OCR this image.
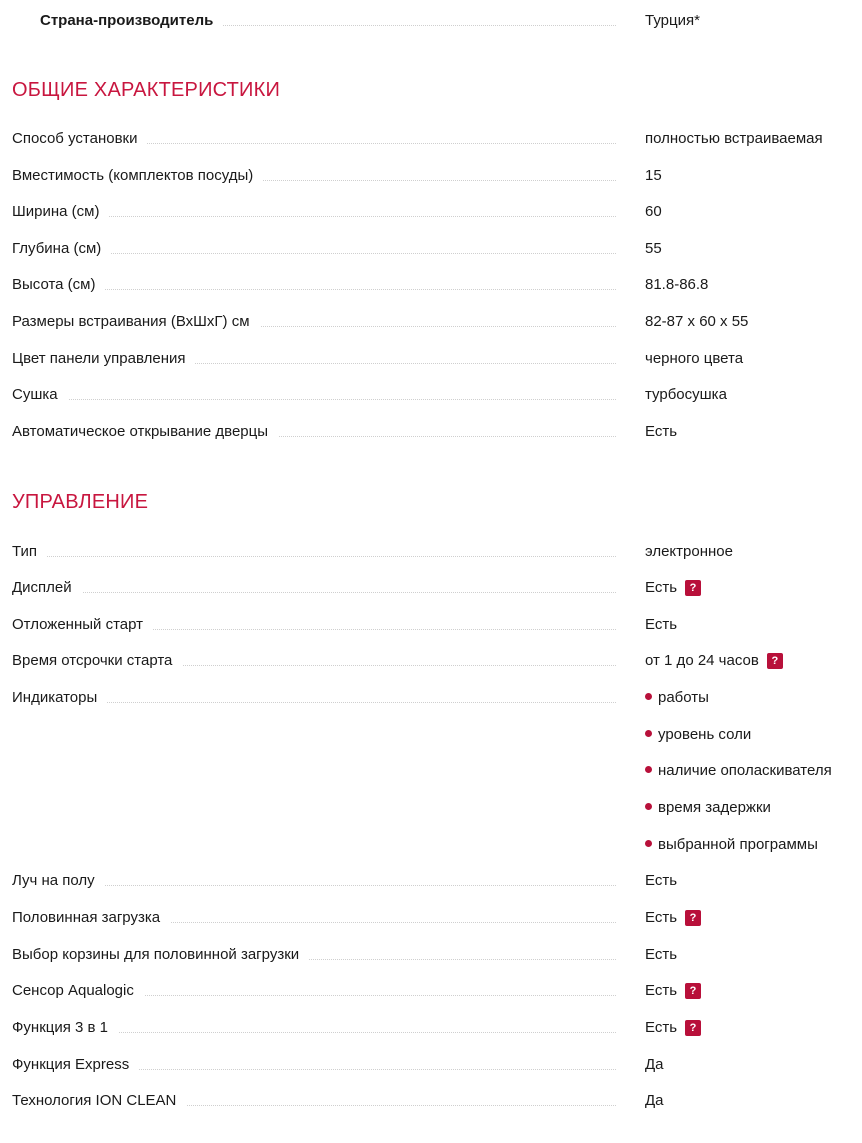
Страна-производитель	Турция*
ОБЩИЕ ХАРАКТЕРИСТИКИ
Способ установки	полностью встраиваемая
Вместимость (комплектов посуды)	15
Ширина (см)	60
Глубина (см)	55
Высота (см)	81.8-86.8
Размеры встраивания (ВхШхГ) см	82-87 х 60 х 55
Цвет панели управления	черного цвета
Сушка	турбосушка
Автоматическое открывание дверцы	Есть
УПРАВЛЕНИЕ
Тип	электронное
Дисплей	Есть ?
Отложенный старт	Есть
Время отсрочки старта	от 1 до 24 часов ?
Индикаторы	работы
уровень соли
наличие ополаскивателя
время задержки
выбранной программы
Луч на полу	Есть
Половинная загрузка	Есть ?
Выбор корзины для половинной загрузки	Есть
Сенсор Aqualogic	Есть ?
Функция 3 в 1	Есть ?
Функция Express	Да
Технология ION CLEAN	Да
